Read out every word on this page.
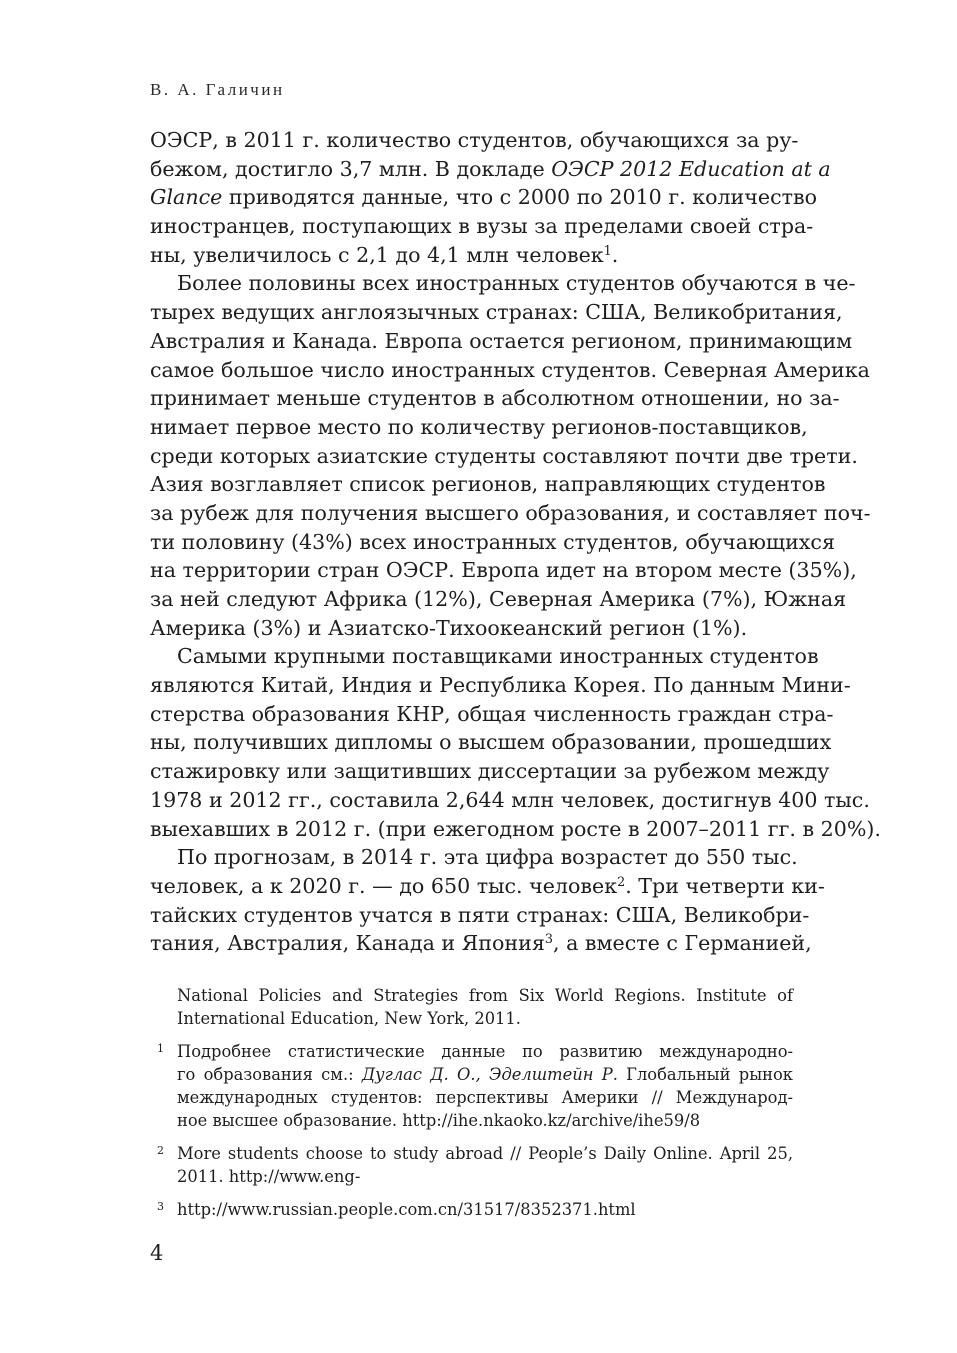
В. А. Галичин
ОЭСР, в 2011 г. количество студентов, обучающихся за ру-
бежом, достигло 3,7 млн. В докладе ОЭСР 2012 Education at a
Glance приводятся данные, что с 2000 по 2010 г. количество
иностранцев, поступающих в вузы за пределами своей стра-
ны, увеличилось с 2,1 до 4,1 млн человек$^1$.
Более половины всех иностранных студентов обучаются в че-
тырех ведущих англоязычных странах: США, Великобритания,
Австралия и Канада. Европа остается регионом, принимающим
самое большое число иностранных студентов. Северная Америка
принимает меньше студентов в абсолютном отношении, но за-
нимает первое место по количеству регионов-поставщиков,
среди которых азиатские студенты составляют почти две трети.
Азия возглавляет список регионов, направляющих студентов
за рубеж для получения высшего образования, и составляет поч-
ти половину (43%) всех иностранных студентов, обучающихся
на территории стран ОЭСР. Европа идет на втором месте (35%),
за ней следуют Африка (12%), Северная Америка (7%), Южная
Америка (3%) и Азиатско-Тихоокеанский регион (1%).
Самыми крупными поставщиками иностранных студентов
являются Китай, Индия и Республика Корея. По данным Мини-
стерства образования КНР, общая численность граждан стра-
ны, получивших дипломы о высшем образовании, прошедших
стажировку или защитивших диссертации за рубежом между
1978 и 2012 гг., составила 2,644 млн человек, достигнув 400 тыс.
выехавших в 2012 г. (при ежегодном росте в 2007–2011 гг. в 20%).
По прогнозам, в 2014 г. эта цифра возрастет до 550 тыс.
человек, а к 2020 г. — до 650 тыс. человек$^2$. Три четверти ки-
тайских студентов учатся в пяти странах: США, Великобри-
тания, Австралия, Канада и Япония$^3$, а вместе с Германией,
National Policies and Strategies from Six World Regions. Institute of
International Education, New York, 2011.
1 Подробнее статистические данные по развитию международно-
го образования см.: Дуглас Д. О., Эделштейн Р. Глобальный рынок
международных студентов: перспективы Америки // Международ-
ное высшее образование. http://ihe.nkaoko.kz/archive/ihe59/8
2 More students choose to study abroad // People’s Daily Online. April 25,
2011. http://www.eng-
3 http://www.russian.people.com.cn/31517/8352371.html
4
